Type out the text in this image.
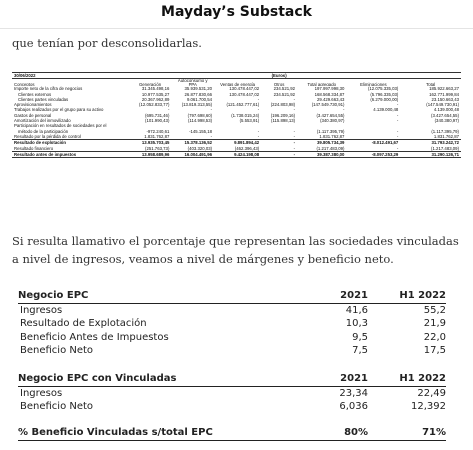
Mayday’s Substack
que tenían por desconsolidarlas.
30/06/2022				(Euros)			
Conceptos	Generación	Autoconsumo y PPA	Ventas de energía	Otros	Total agregado	Eliminaciones	Total
Importe neto de la cifra de negocios	31.345.498,16	35.939.531,20	130.478.447,02	234.521,92	197.997.998,30	(12.075.335,03)	185.922.663,27
Clientes externos	10.977.535,27	26.877.830,66	130.478.447,02	234.521,92	168.568.334,87	(5.796.335,03)	162.771.999,84
Clientes partes vinculadas	20.367.962,89	9.061.700,54	-	-	29.429.663,43	(6.279.000,00)	23.150.663,43
Aprovisionamientos	(12.052.833,77)	(13.819.313,55)	(121.452.777,61)	(224.803,98)	(147.549.730,91)	-	(147.549.730,91)
Trabajos realizados por el grupo para su activo	-	-	-	-	-	4.139.000,48	4.139.000,48
Gastos de personal	(695.731,46)	(797.698,60)	(1.738.015,24)	(196.209,16)	(3.427.654,55)	-	(3.427.654,55)
Amortización del inmovilizado	(101.990,43)	(114.998,53)	(5.553,91)	(115.898,13)	(340.380,97)	-	(340.380,97)
Participación en resultados de sociedades por el							
método de la participación	-972.240,61	-145.155,18	-	-	(1.117.395,79)	-	(1.117.395,79)
Resultado por la pérdida de control	1.831.762,87	-	-	-	1.831.762,87	-	1.831.762,87
Resultado de explotación	13.935.703,45	15.378.136,52	9.891.894,42	-	39.805.734,39	-8.012.491,67	31.793.242,72
Resultado financiero	(251.763,73)	(403.320,03)	(462.396,43)	-	(1.217.483,09)	-	(1.217.483,09)
Resultado antes de impuestos	13.958.689,96	16.004.491,96	9.424.198,08	-	39.387.380,00	-8.097.253,29	31.290.126,71
Si resulta llamativo el porcentaje que representan las sociedades vinculadas a nivel de ingresos, veamos a nivel de márgenes y beneficio neto.
Negocio EPC	2021	H1 2022
Ingresos	41,6	55,2
Resultado de Explotación	10,3	21,9
Beneficio Antes de Impuestos	9,5	22,0
Beneficio Neto	7,5	17,5
Negocio EPC con Vinculadas	2021	H1 2022
Ingresos	23,34	22,49
Beneficio Neto	6,036	12,392
% Beneficio Vinculadas s/total EPC	80%	71%
